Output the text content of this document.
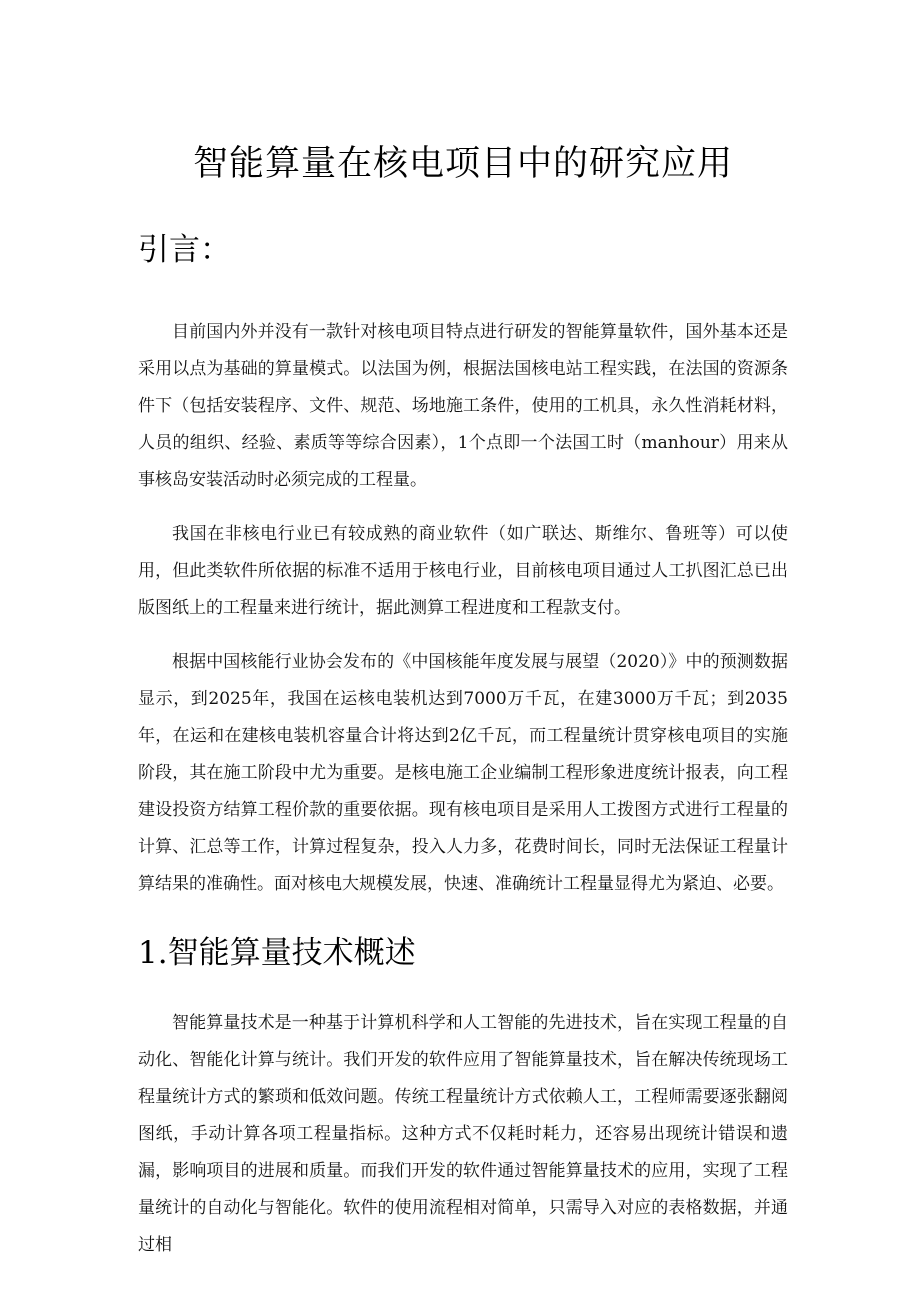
智能算量在核电项目中的研究应用
引言：

目前国内外并没有一款针对核电项目特点进行研发的智能算量软件，国外基本还是采用以点为基础的算量模式。以法国为例，根据法国核电站工程实践，在法国的资源条件下（包括安装程序、文件、规范、场地施工条件，使用的工机具，永久性消耗材料，人员的组织、经验、素质等等综合因素），1个点即一个法国工时（manhour）用来从事核岛安装活动时必须完成的工程量。

我国在非核电行业已有较成熟的商业软件（如广联达、斯维尔、鲁班等）可以使用，但此类软件所依据的标准不适用于核电行业，目前核电项目通过人工扒图汇总已出版图纸上的工程量来进行统计，据此测算工程进度和工程款支付。

根据中国核能行业协会发布的《中国核能年度发展与展望（2020）》中的预测数据显示，到2025年，我国在运核电装机达到7000万千瓦，在建3000万千瓦；到2035年，在运和在建核电装机容量合计将达到2亿千瓦，而工程量统计贯穿核电项目的实施阶段，其在施工阶段中尤为重要。是核电施工企业编制工程形象进度统计报表，向工程建设投资方结算工程价款的重要依据。现有核电项目是采用人工拨图方式进行工程量的计算、汇总等工作，计算过程复杂，投入人力多，花费时间长，同时无法保证工程量计算结果的准确性。面对核电大规模发展，快速、准确统计工程量显得尤为紧迫、必要。

1.智能算量技术概述

智能算量技术是一种基于计算机科学和人工智能的先进技术，旨在实现工程量的自动化、智能化计算与统计。我们开发的软件应用了智能算量技术，旨在解决传统现场工程量统计方式的繁琐和低效问题。传统工程量统计方式依赖人工，工程师需要逐张翻阅图纸，手动计算各项工程量指标。这种方式不仅耗时耗力，还容易出现统计错误和遗漏，影响项目的进展和质量。而我们开发的软件通过智能算量技术的应用，实现了工程量统计的自动化与智能化。软件的使用流程相对简单，只需导入对应的表格数据，并通过相
